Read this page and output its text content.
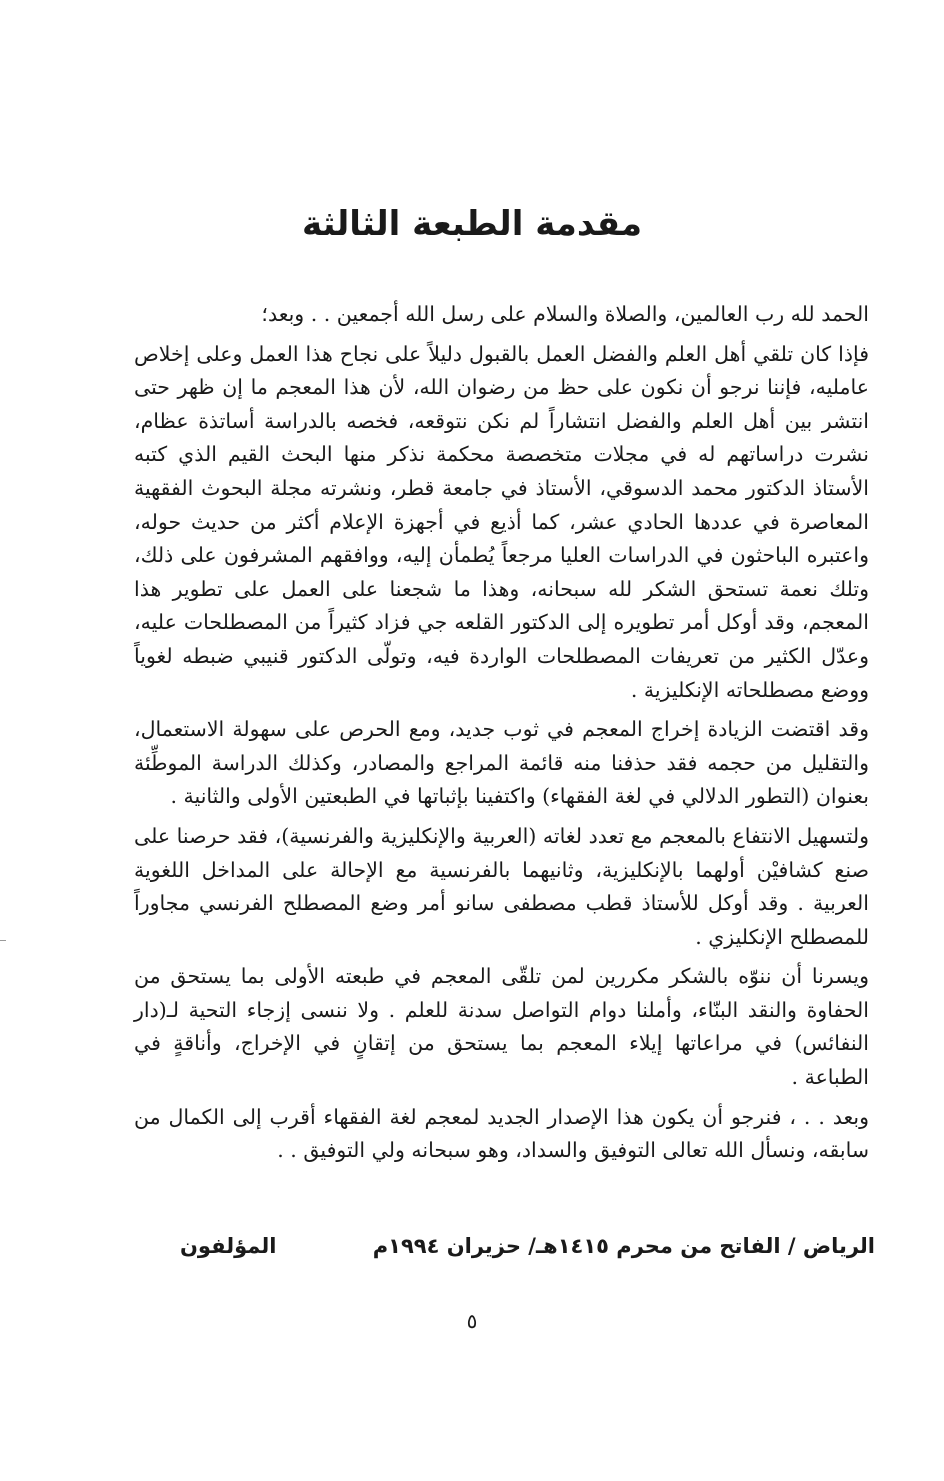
مقدمة الطبعة الثالثة

الحمد لله رب العالمين، والصلاة والسلام على رسل الله أجمعين . . وبعد؛

فإذا كان تلقي أهل العلم والفضل العمل بالقبول دليلاً على نجاح هذا العمل وعلى إخلاص عامليه، فإننا نرجو أن نكون على حظ من رضوان الله، لأن هذا المعجم ما إن ظهر حتى انتشر بين أهل العلم والفضل انتشاراً لم نكن نتوقعه، فخصه بالدراسة أساتذة عظام، نشرت دراساتهم له في مجلات متخصصة محكمة نذكر منها البحث القيم الذي كتبه الأستاذ الدكتور محمد الدسوقي، الأستاذ في جامعة قطر، ونشرته مجلة البحوث الفقهية المعاصرة في عددها الحادي عشر، كما أذيع في أجهزة الإعلام أكثر من حديث حوله، واعتبره الباحثون في الدراسات العليا مرجعاً يُطمأن إليه، ووافقهم المشرفون على ذلك، وتلك نعمة تستحق الشكر لله سبحانه، وهذا ما شجعنا على العمل على تطوير هذا المعجم، وقد أوكل أمر تطويره إلى الدكتور القلعه جي فزاد كثيراً من المصطلحات عليه، وعدّل الكثير من تعريفات المصطلحات الواردة فيه، وتولّى الدكتور قنيبي ضبطه لغوياً ووضع مصطلحاته الإنكليزية .

وقد اقتضت الزيادة إخراج المعجم في ثوب جديد، ومع الحرص على سهولة الاستعمال، والتقليل من حجمه فقد حذفنا منه قائمة المراجع والمصادر، وكذلك الدراسة الموطِّئة بعنوان (التطور الدلالي في لغة الفقهاء) واكتفينا بإثباتها في الطبعتين الأولى والثانية .

ولتسهيل الانتفاع بالمعجم مع تعدد لغاته (العربية والإنكليزية والفرنسية)، فقد حرصنا على صنع كشافيْن أولهما بالإنكليزية، وثانيهما بالفرنسية مع الإحالة على المداخل اللغوية العربية . وقد أوكل للأستاذ قطب مصطفى سانو أمر وضع المصطلح الفرنسي مجاوراً للمصطلح الإنكليزي .

ويسرنا أن ننوّه بالشكر مكررين لمن تلقّى المعجم في طبعته الأولى بما يستحق من الحفاوة والنقد البنّاء، وأملنا دوام التواصل سدنة للعلم . ولا ننسى إزجاء التحية لـ(دار النفائس) في مراعاتها إيلاء المعجم بما يستحق من إتقانٍ في الإخراج، وأناقةٍ في الطباعة .

وبعد . . ، فنرجو أن يكون هذا الإصدار الجديد لمعجم لغة الفقهاء أقرب إلى الكمال من سابقه، ونسأل الله تعالى التوفيق والسداد، وهو سبحانه ولي التوفيق . .

الرياض / الفاتح من محرم ١٤١٥هـ/ حزيران ١٩٩٤م
المؤلفون
٥
